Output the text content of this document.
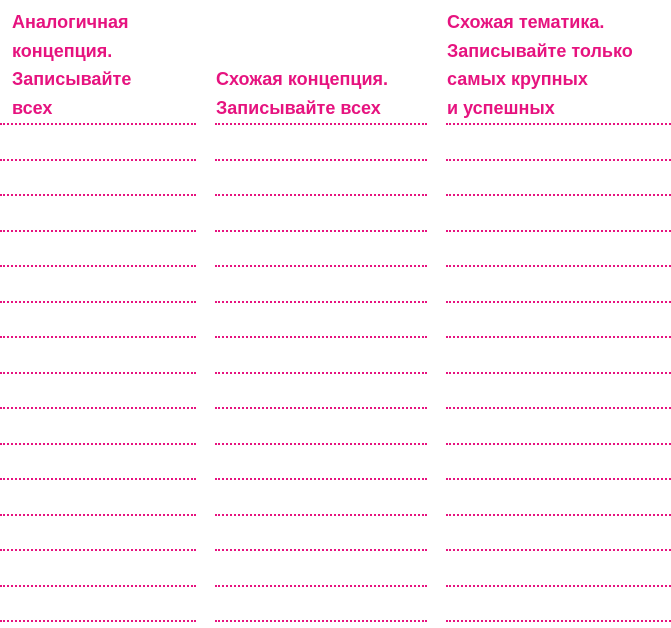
Аналогичная
концепция.
Записывайте
всех

Схожая концепция.
Записывайте всех

Схожая тематика.
Записывайте только
самых крупных
и успешных
